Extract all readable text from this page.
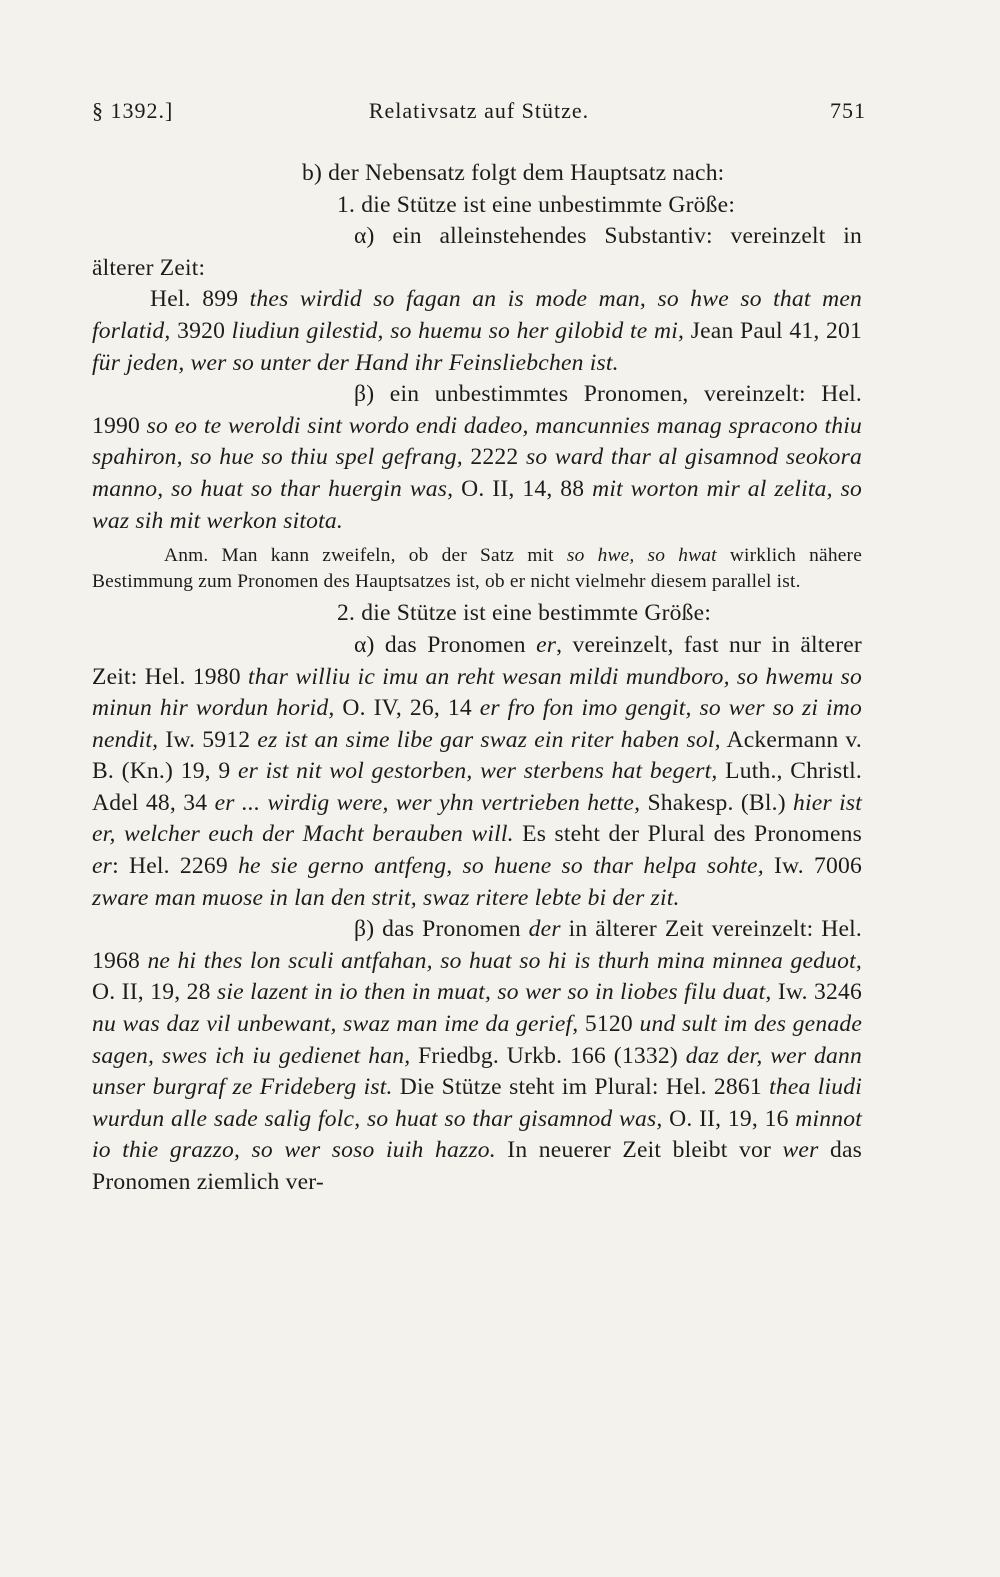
§ 1392.]	Relativsatz auf Stütze.	751

b) der Nebensatz folgt dem Hauptsatz nach:

1. die Stütze ist eine unbestimmte Größe:

α) ein alleinstehendes Substantiv: vereinzelt in älterer Zeit:

Hel. 899 thes wirdid so fagan an is mode man, so hwe so that men forlatid, 3920 liudiun gilestid, so huemu so her gilobid te mi, Jean Paul 41, 201 für jeden, wer so unter der Hand ihr Feinsliebchen ist.

β) ein unbestimmtes Pronomen, vereinzelt: Hel. 1990 so eo te weroldi sint wordo endi dadeo, mancunnies manag spracono thiu spahiron, so hue so thiu spel gefrang, 2222 so ward thar al gisamnod seokora manno, so huat so thar huergin was, O. II, 14, 88 mit worton mir al zelita, so waz sih mit werkon sitota.

Anm. Man kann zweifeln, ob der Satz mit so hwe, so hwat wirklich nähere Bestimmung zum Pronomen des Hauptsatzes ist, ob er nicht vielmehr diesem parallel ist.

2. die Stütze ist eine bestimmte Größe:

α) das Pronomen er, vereinzelt, fast nur in älterer Zeit: Hel. 1980 thar williu ic imu an reht wesan mildi mundboro, so hwemu so minun hir wordun horid, O. IV, 26, 14 er fro fon imo gengit, so wer so zi imo nendit, Iw. 5912 ez ist an sime libe gar swaz ein riter haben sol, Ackermann v. B. (Kn.) 19, 9 er ist nit wol gestorben, wer sterbens hat begert, Luth., Christl. Adel 48, 34 er ... wirdig were, wer yhn vertrieben hette, Shakesp. (Bl.) hier ist er, welcher euch der Macht berauben will. Es steht der Plural des Pronomens er: Hel. 2269 he sie gerno antfeng, so huene so thar helpa sohte, Iw. 7006 zware man muose in lan den strit, swaz ritere lebte bi der zit.

β) das Pronomen der in älterer Zeit vereinzelt: Hel. 1968 ne hi thes lon sculi antfahan, so huat so hi is thurh mina minnea geduot, O. II, 19, 28 sie lazent in io then in muat, so wer so in liobes filu duat, Iw. 3246 nu was daz vil unbewant, swaz man ime da gerief, 5120 und sult im des genade sagen, swes ich iu gedienet han, Friedbg. Urkb. 166 (1332) daz der, wer dann unser burgraf ze Frideberg ist. Die Stütze steht im Plural: Hel. 2861 thea liudi wurdun alle sade salig folc, so huat so thar gisamnod was, O. II, 19, 16 minnot io thie grazzo, so wer soso iuih hazzo. In neuerer Zeit bleibt vor wer das Pronomen ziemlich ver-
